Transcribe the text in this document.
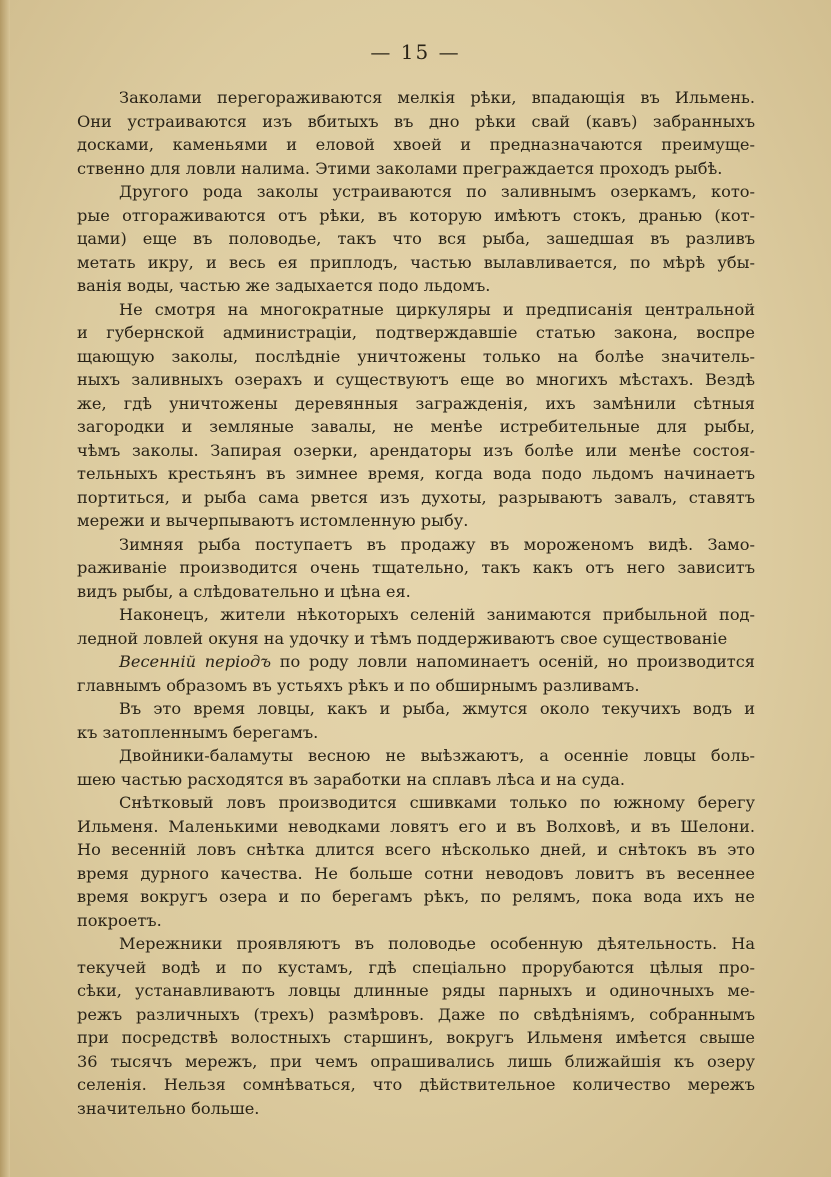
— 15 —

Заколами перегораживаются мелкія рѣки, впадающія въ Ильмень.
Они устраиваются изъ вбитыхъ въ дно рѣки свай (кавъ) забранныхъ
досками, каменьями и еловой хвоей и предназначаются преимуще-
ственно для ловли налима. Этими заколами преграждается проходъ рыбѣ.

Другого рода заколы устраиваются по заливнымъ озеркамъ, кото-
рые отгораживаются отъ рѣки, въ которую имѣютъ стокъ, дранью (кот-
цами) еще въ половодье, такъ что вся рыба, зашедшая въ разливъ
метать икру, и весь ея приплодъ, частью вылавливается, по мѣрѣ убы-
ванія воды, частью же задыхается подо льдомъ.

Не смотря на многократные циркуляры и предписанія центральной
и губернской администраціи, подтверждавшіе статью закона, воспре
щающую заколы, послѣдніе уничтожены только на болѣе значитель-
ныхъ заливныхъ озерахъ и существуютъ еще во многихъ мѣстахъ. Вездѣ
же, гдѣ уничтожены деревянныя загражденія, ихъ замѣнили сѣтныя
загородки и земляные завалы, не менѣе истребительные для рыбы,
чѣмъ заколы. Запирая озерки, арендаторы изъ болѣе или менѣе состоя-
тельныхъ крестьянъ въ зимнее время, когда вода подо льдомъ начинаетъ
портиться, и рыба сама рвется изъ духоты, разрываютъ завалъ, ставятъ
мережи и вычерпываютъ истомленную рыбу.

Зимняя рыба поступаетъ въ продажу въ мороженомъ видѣ. Замо-
раживаніе производится очень тщательно, такъ какъ отъ него зависитъ
видъ рыбы, а слѣдовательно и цѣна ея.

Наконецъ, жители нѣкоторыхъ селеній занимаются прибыльной под-
ледной ловлей окуня на удочку и тѣмъ поддерживаютъ свое существованіе

Весенній періодъ по роду ловли напоминаетъ осеній, но производится
главнымъ образомъ въ устьяхъ рѣкъ и по обширнымъ разливамъ.

Въ это время ловцы, какъ и рыба, жмутся около текучихъ водъ и
къ затопленнымъ берегамъ.

Двойники-баламуты весною не выѣзжаютъ, а осенніе ловцы боль-
шею частью расходятся въ заработки на сплавъ лѣса и на суда.

Снѣтковый ловъ производится сшивками только по южному берегу
Ильменя. Маленькими неводками ловятъ его и въ Волховѣ, и въ Шелони.
Но весенній ловъ снѣтка длится всего нѣсколько дней, и снѣтокъ въ это
время дурного качества. Не больше сотни неводовъ ловитъ въ весеннее
время вокругъ озера и по берегамъ рѣкъ, по релямъ, пока вода ихъ не
покроетъ.

Мережники проявляютъ въ половодье особенную дѣятельность. На
текучей водѣ и по кустамъ, гдѣ спеціально прорубаются цѣлыя про-
сѣки, устанавливаютъ ловцы длинные ряды парныхъ и одиночныхъ ме-
режъ различныхъ (трехъ) размѣровъ. Даже по свѣдѣніямъ, собраннымъ
при посредствѣ волостныхъ старшинъ, вокругъ Ильменя имѣется свыше
36 тысячъ мережъ, при чемъ опрашивались лишь ближайшія къ озеру
селенія. Нельзя сомнѣваться, что дѣйствительное количество мережъ
значительно больше.
